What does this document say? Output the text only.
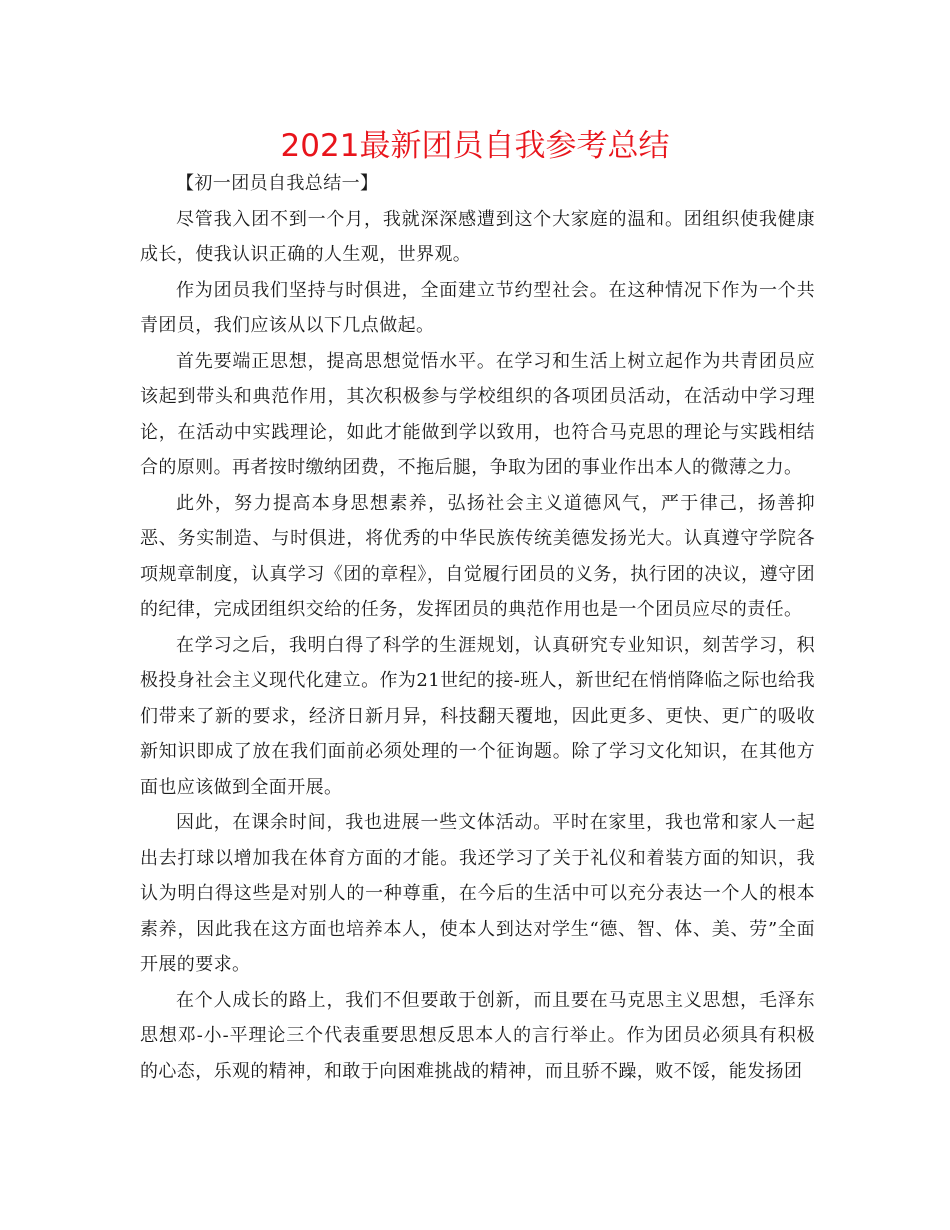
2021最新团员自我参考总结

【初一团员自我总结一】

尽管我入团不到一个月，我就深深感遭到这个大家庭的温和。团组织使我健康成长，使我认识正确的人生观，世界观。

作为团员我们坚持与时俱进，全面建立节约型社会。在这种情况下作为一个共青团员，我们应该从以下几点做起。

首先要端正思想，提高思想觉悟水平。在学习和生活上树立起作为共青团员应该起到带头和典范作用，其次积极参与学校组织的各项团员活动，在活动中学习理论，在活动中实践理论，如此才能做到学以致用，也符合马克思的理论与实践相结合的原则。再者按时缴纳团费，不拖后腿，争取为团的事业作出本人的微薄之力。

此外，努力提高本身思想素养，弘扬社会主义道德风气，严于律己，扬善抑恶、务实制造、与时俱进，将优秀的中华民族传统美德发扬光大。认真遵守学院各项规章制度，认真学习《团的章程》，自觉履行团员的义务，执行团的决议，遵守团的纪律，完成团组织交给的任务，发挥团员的典范作用也是一个团员应尽的责任。

在学习之后，我明白得了科学的生涯规划，认真研究专业知识，刻苦学习，积极投身社会主义现代化建立。作为21世纪的接-班人，新世纪在悄悄降临之际也给我们带来了新的要求，经济日新月异，科技翻天覆地，因此更多、更快、更广的吸收新知识即成了放在我们面前必须处理的一个征询题。除了学习文化知识，在其他方面也应该做到全面开展。

因此，在课余时间，我也进展一些文体活动。平时在家里，我也常和家人一起出去打球以增加我在体育方面的才能。我还学习了关于礼仪和着装方面的知识，我认为明白得这些是对别人的一种尊重，在今后的生活中可以充分表达一个人的根本素养，因此我在这方面也培养本人，使本人到达对学生“德、智、体、美、劳”全面开展的要求。

在个人成长的路上，我们不但要敢于创新，而且要在马克思主义思想，毛泽东思想邓-小-平理论三个代表重要思想反思本人的言行举止。作为团员必须具有积极的心态，乐观的精神，和敢于向困难挑战的精神，而且骄不躁，败不馁，能发扬团
